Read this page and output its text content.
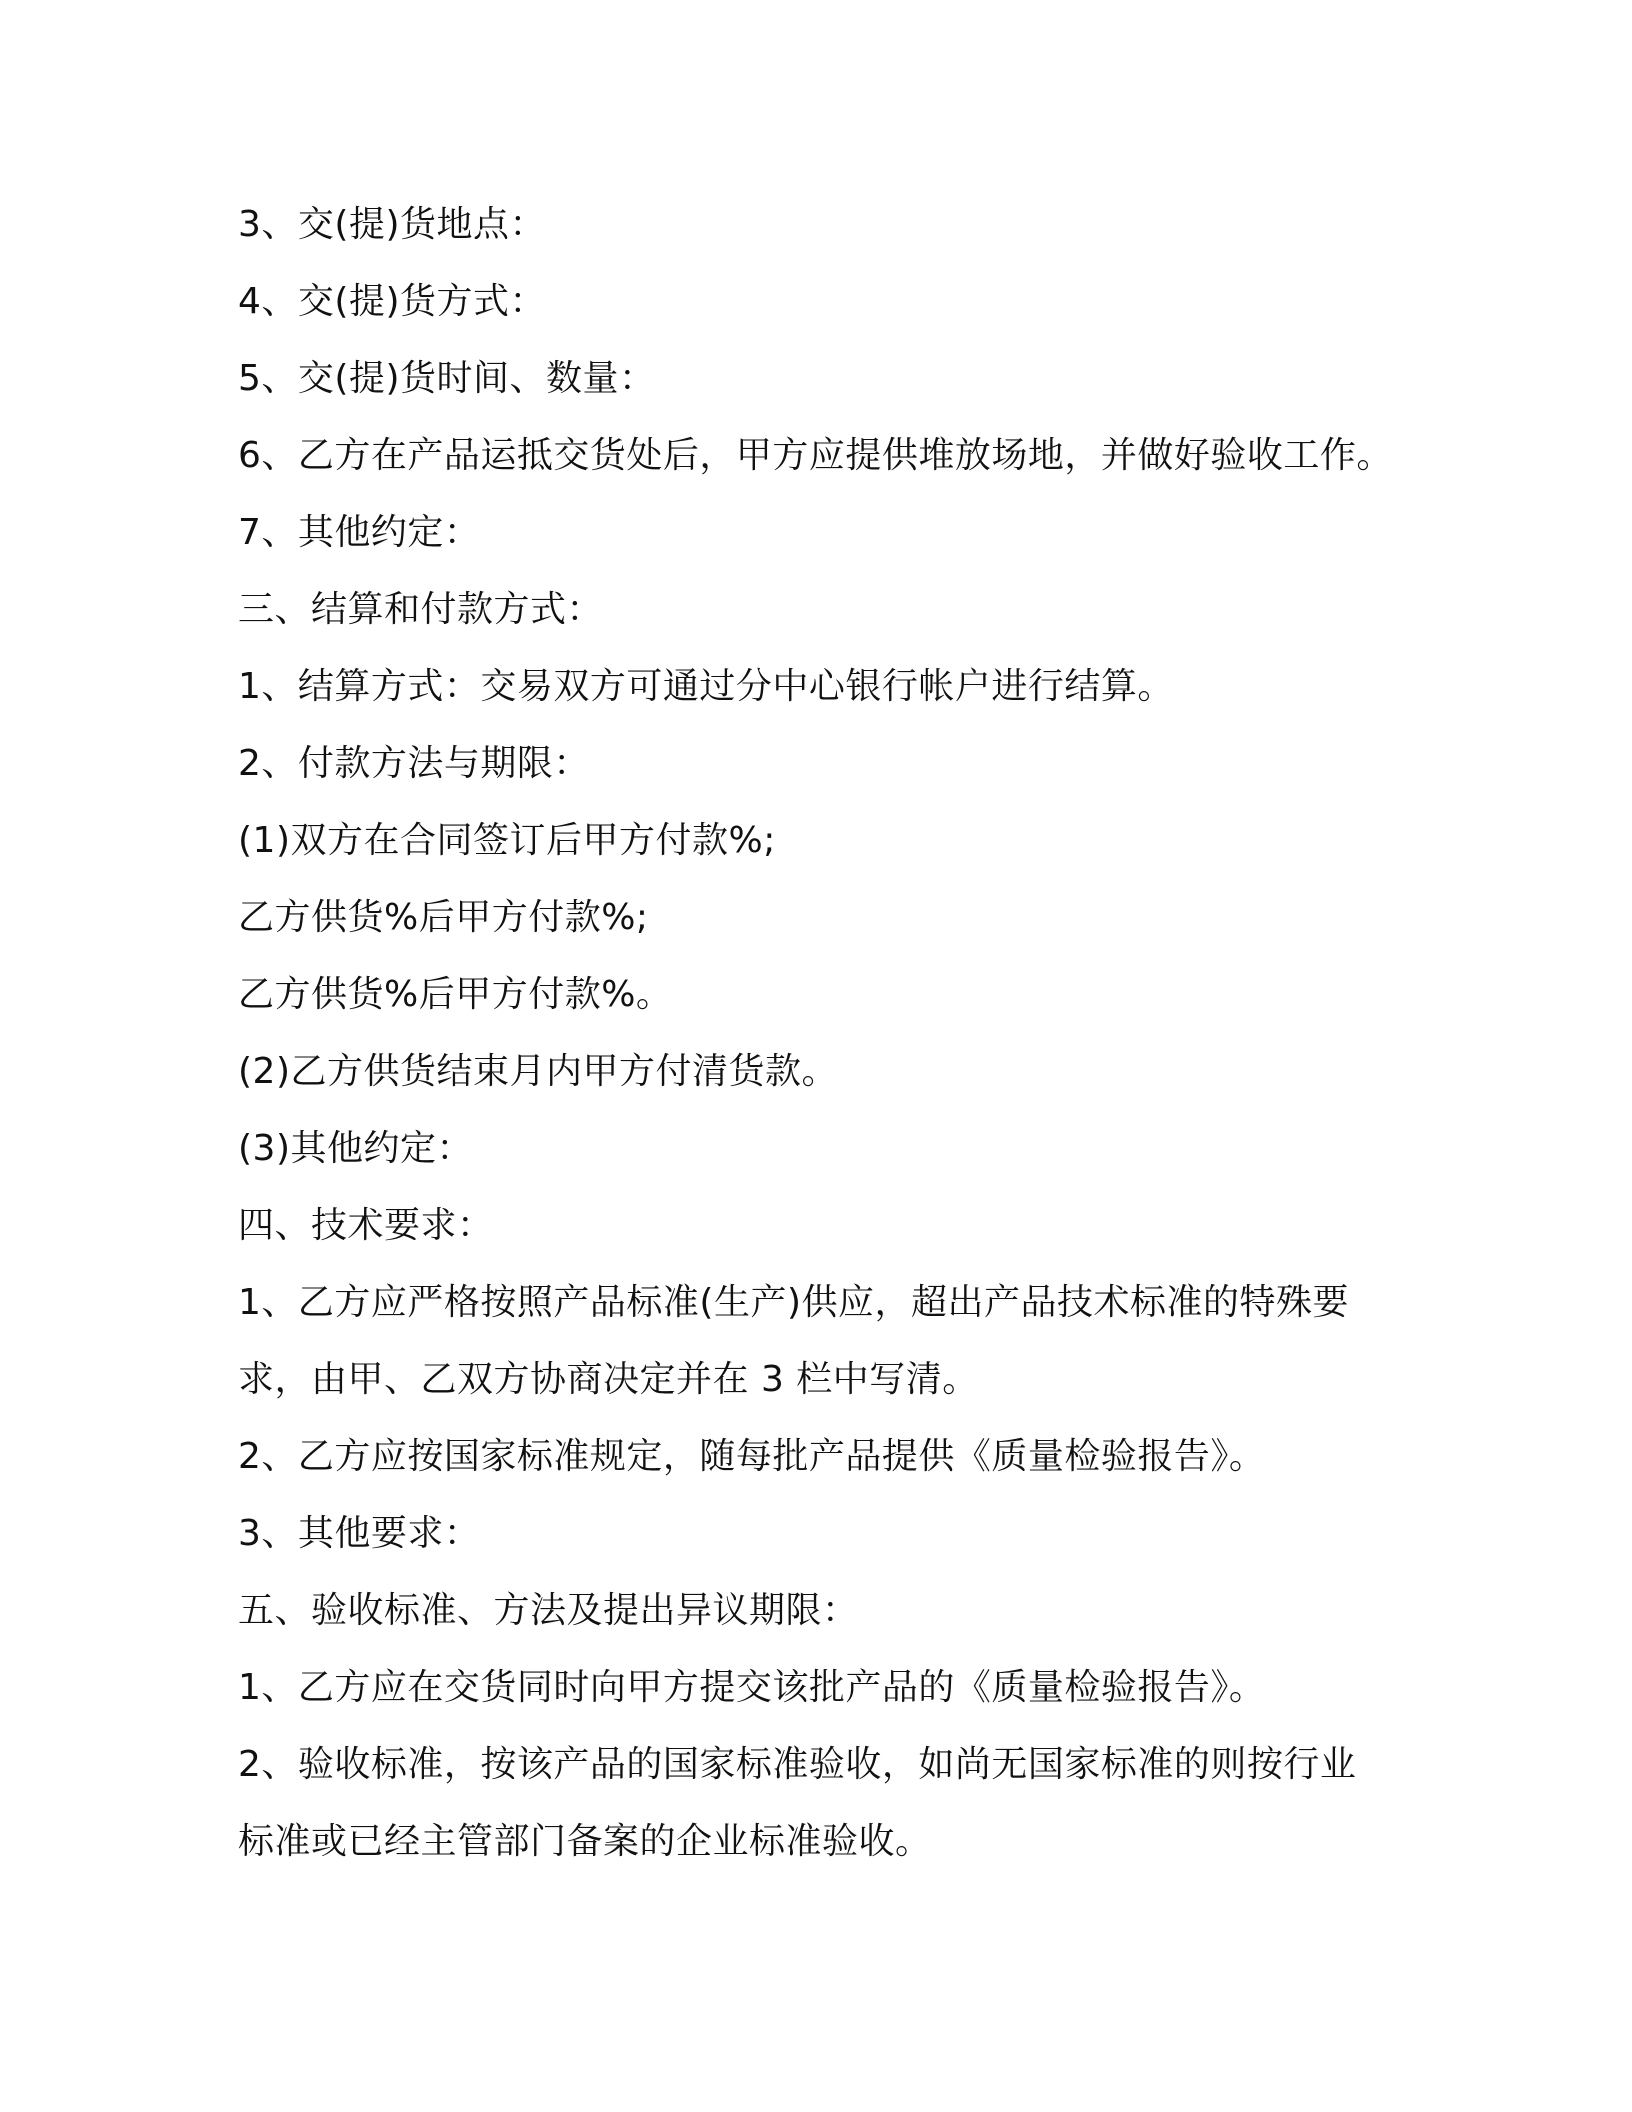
3、交(提)货地点：
4、交(提)货方式：
5、交(提)货时间、数量：
6、乙方在产品运抵交货处后，甲方应提供堆放场地，并做好验收工作。
7、其他约定：
三、结算和付款方式：
1、结算方式：交易双方可通过分中心银行帐户进行结算。
2、付款方法与期限：
(1)双方在合同签订后甲方付款%;
乙方供货%后甲方付款%;
乙方供货%后甲方付款%。
(2)乙方供货结束月内甲方付清货款。
(3)其他约定：
四、技术要求：
1、乙方应严格按照产品标准(生产)供应，超出产品技术标准的特殊要
求，由甲、乙双方协商决定并在 3 栏中写清。
2、乙方应按国家标准规定，随每批产品提供《质量检验报告》。
3、其他要求：
五、验收标准、方法及提出异议期限：
1、乙方应在交货同时向甲方提交该批产品的《质量检验报告》。
2、验收标准，按该产品的国家标准验收，如尚无国家标准的则按行业
标准或已经主管部门备案的企业标准验收。
